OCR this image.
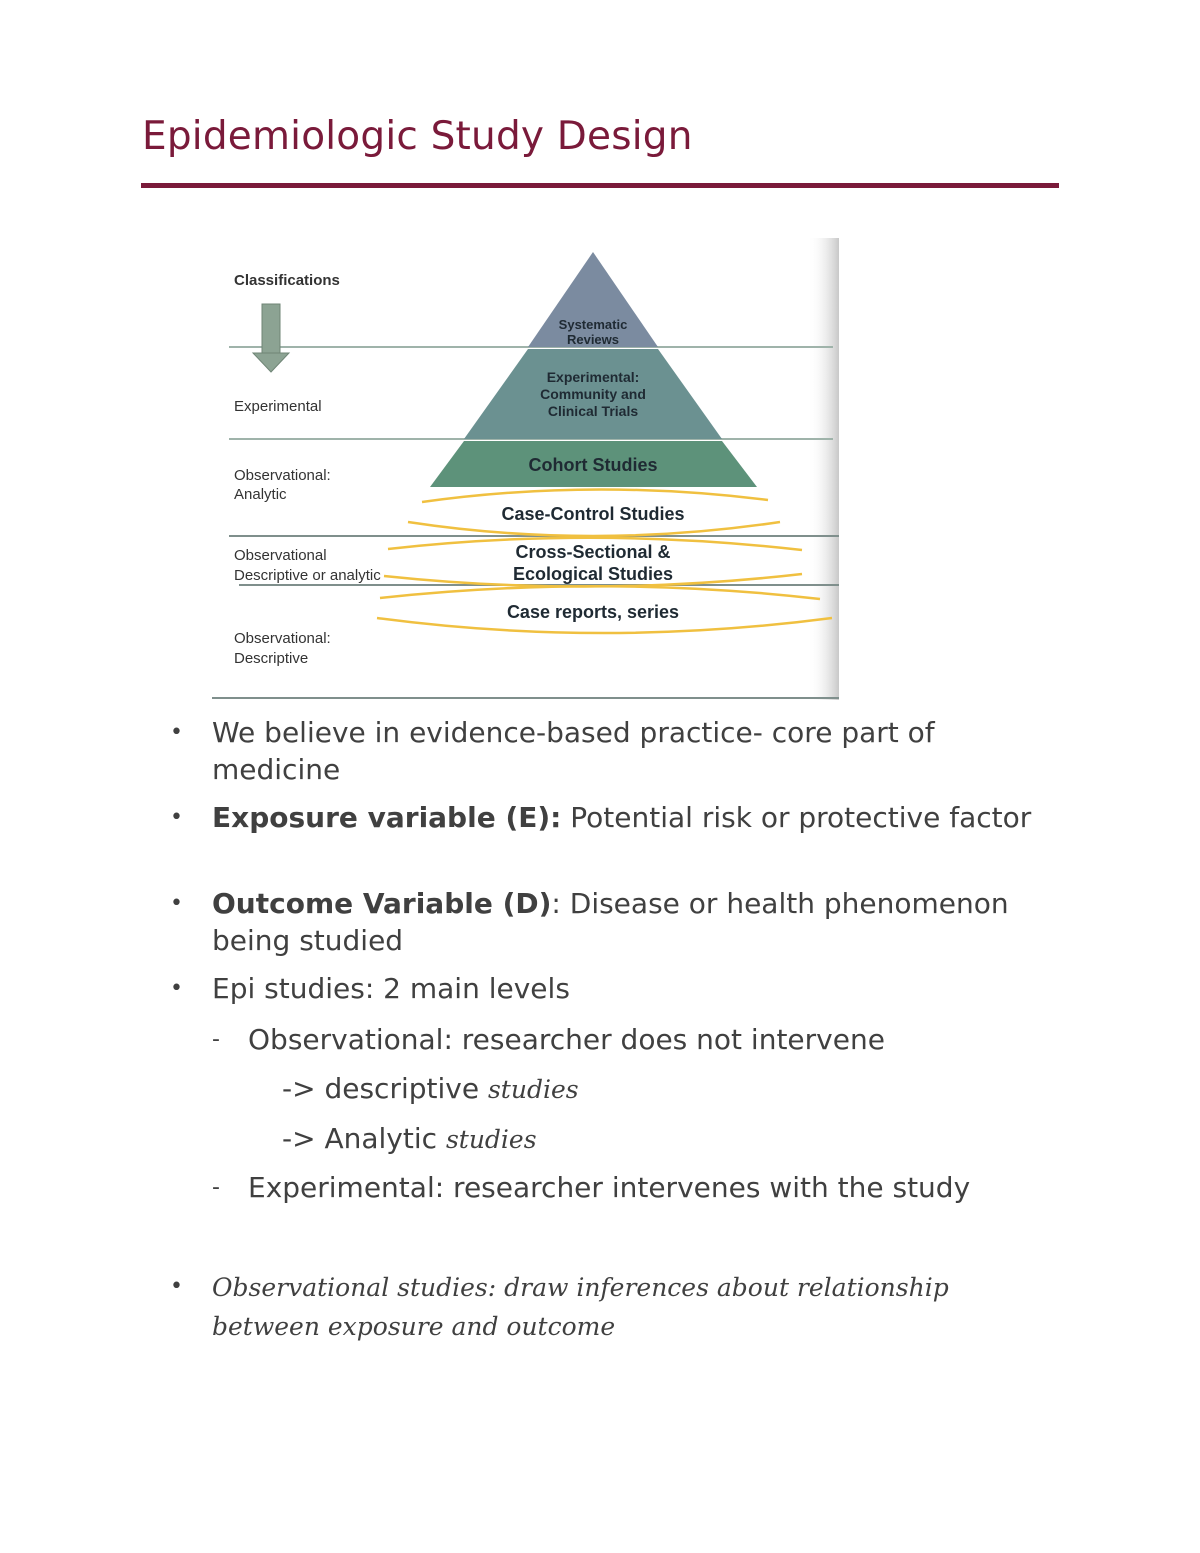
Epidemiologic Study Design
Classifications
Experimental
Observational:
Analytic
Observational
Descriptive or analytic
Observational:
Descriptive
Systematic
Reviews
Experimental:
Community and
Clinical Trials
Cohort Studies
Case-Control Studies
Cross-Sectional &
Ecological Studies
Case reports, series
•	We believe in evidence-based practice- core part of medicine
•	Exposure variable (E): Potential risk or protective factor
•	Outcome Variable (D): Disease or health phenomenon being studied
•	Epi studies: 2 main levels
- Observational: researcher does not intervene
-> descriptive studies
-> Analytic studies
- Experimental: researcher intervenes with the study
•	Observational studies: draw inferences about relationship between exposure and outcome
